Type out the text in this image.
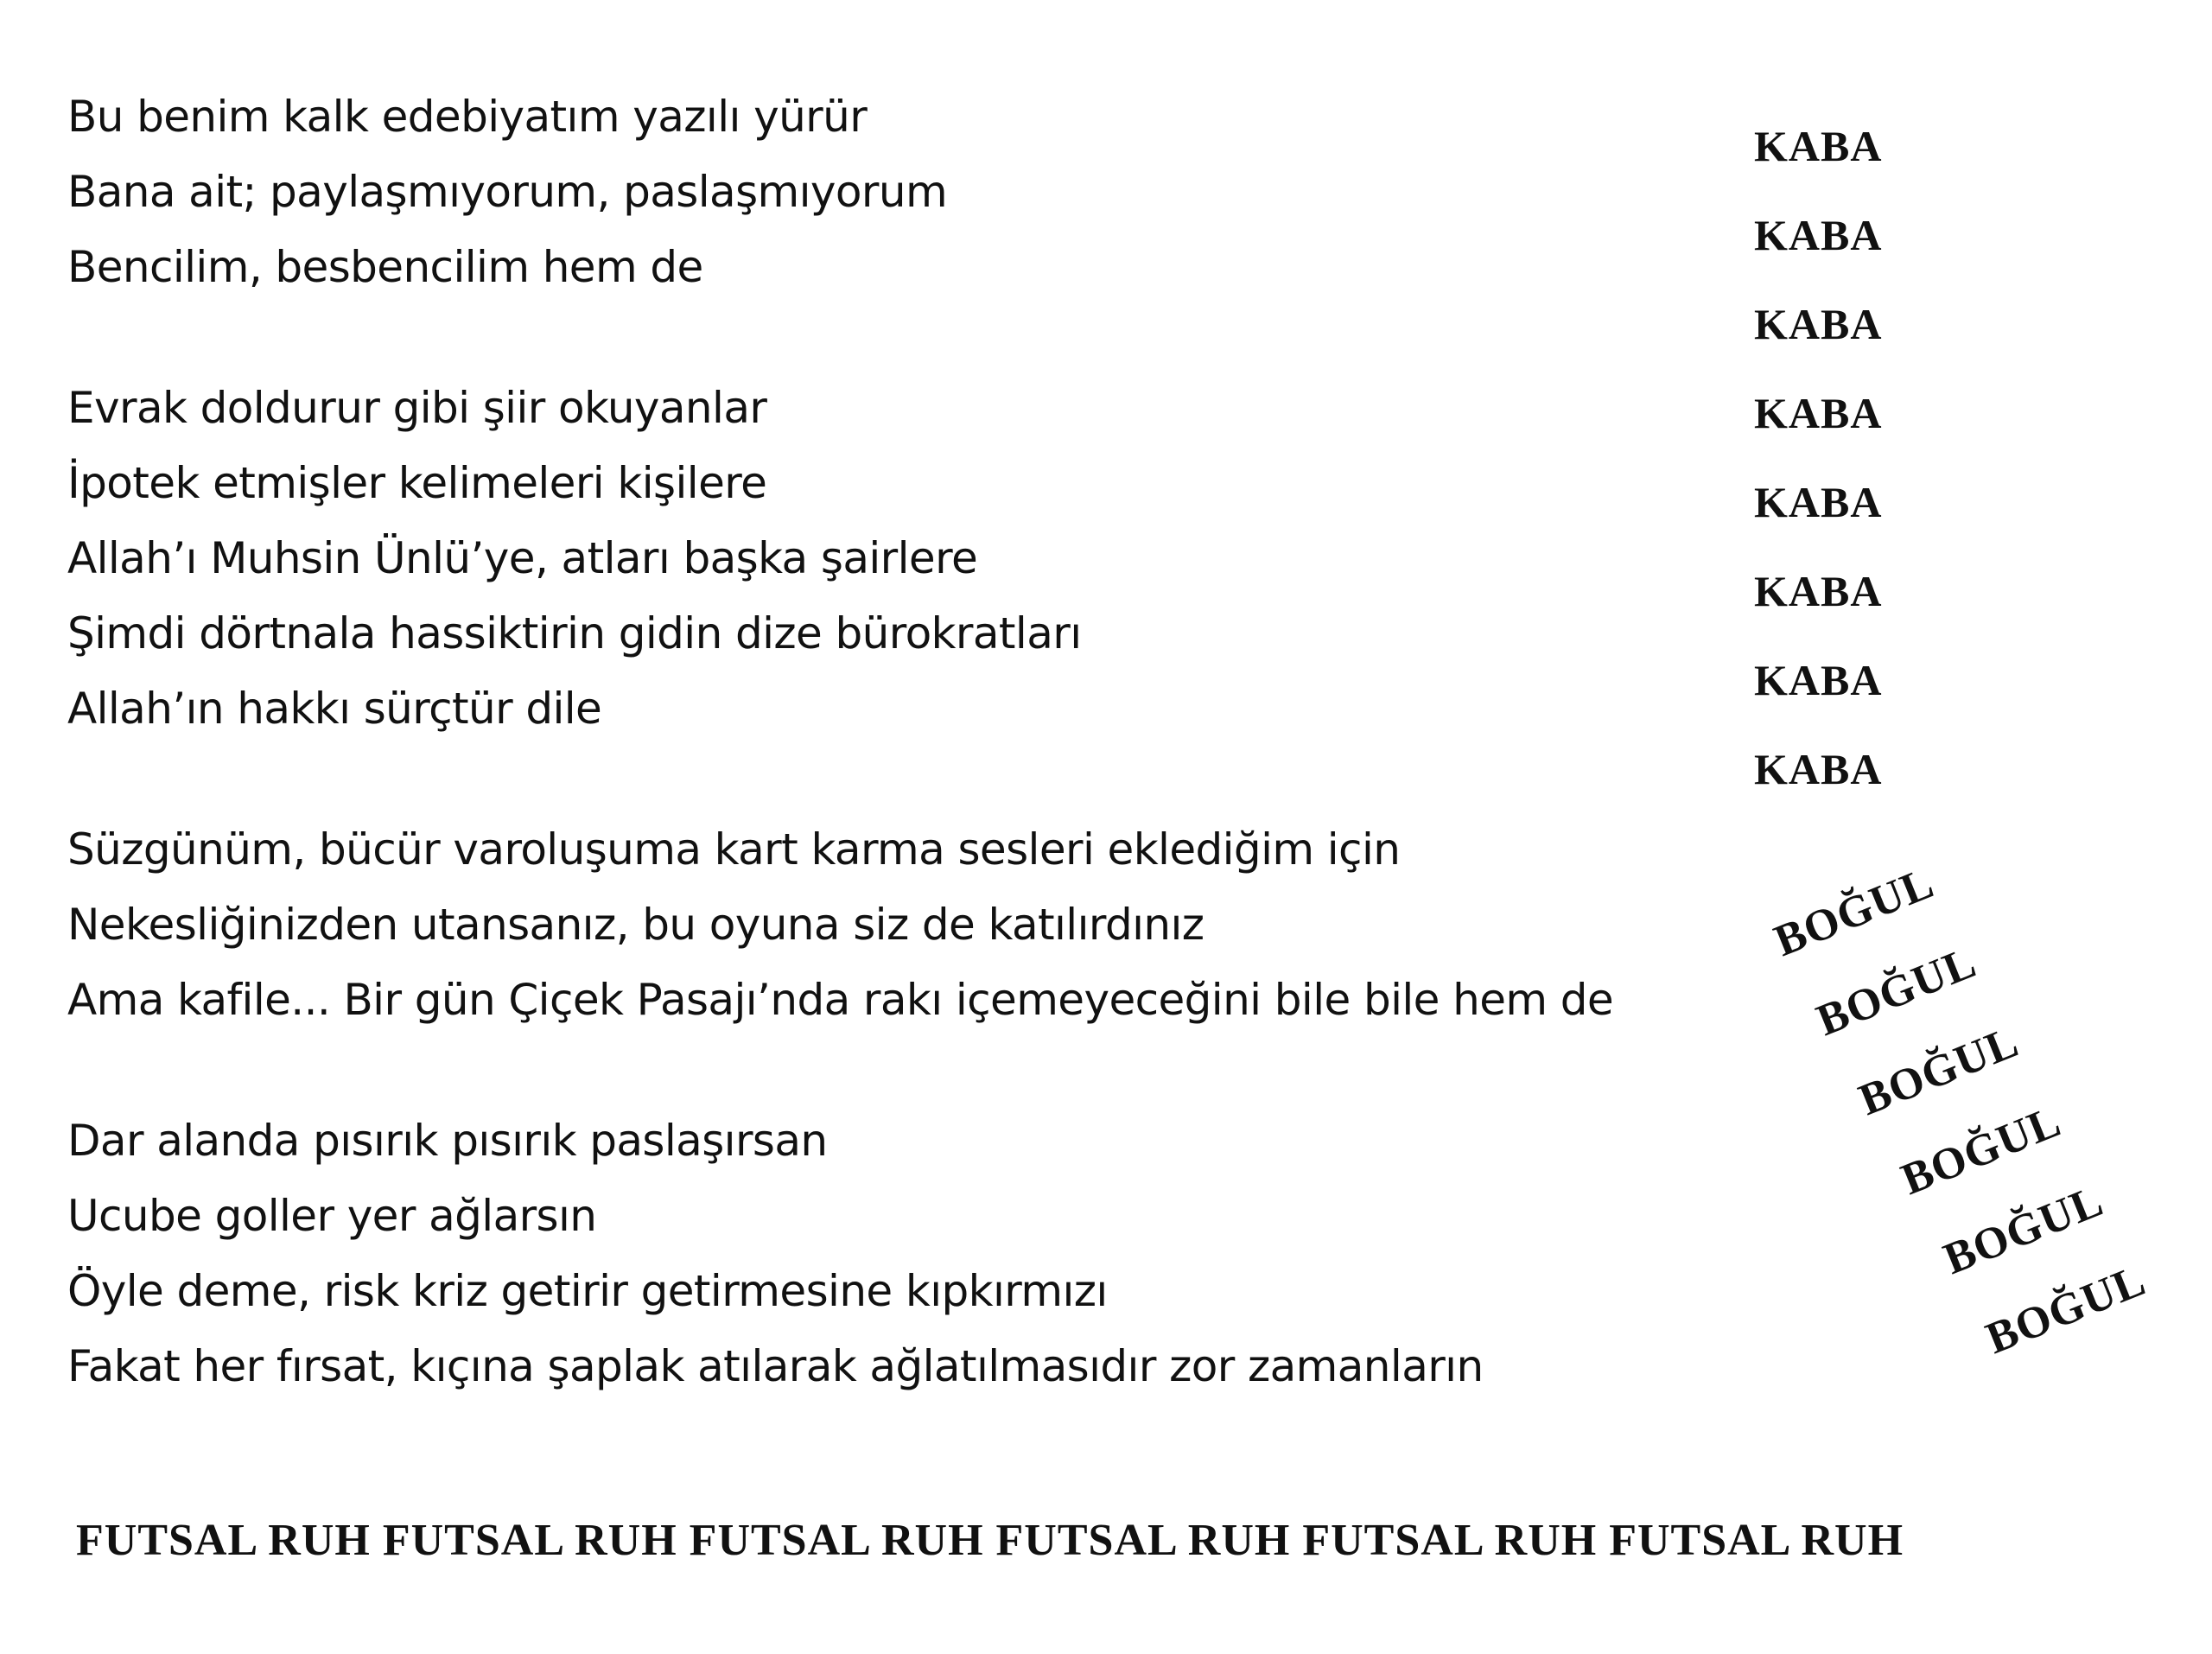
Bu benim kalk edebiyatım yazılı yürür
Bana ait; paylaşmıyorum, paslaşmıyorum
Bencilim, besbencilim hem de
Evrak doldurur gibi şiir okuyanlar
İpotek etmişler kelimeleri kişilere
Allah’ı Muhsin Ünlü’ye, atları başka şairlere
Şimdi dörtnala hassiktirin gidin dize bürokratları
Allah’ın hakkı sürçtür dile
Süzgünüm, bücür varoluşuma kart karma sesleri eklediğim için
Nekesliğinizden utansanız, bu oyuna siz de katılırdınız
Ama kafile... Bir gün Çiçek Pasajı’nda rakı içemeyeceğini bile bile hem de
Dar alanda pısırık pısırık paslaşırsan
Ucube goller yer ağlarsın
Öyle deme, risk kriz getirir getirmesine kıpkırmızı
Fakat her fırsat, kıçına şaplak atılarak ağlatılmasıdır zor zamanların
KABA
KABA
KABA
KABA
KABA
KABA
KABA
KABA
BOĞUL
BOĞUL
BOĞUL
BOĞUL
BOĞUL
BOĞUL
FUTSAL RUH FUTSAL RUH FUTSAL RUH FUTSAL RUH FUTSAL RUH FUTSAL RUH
